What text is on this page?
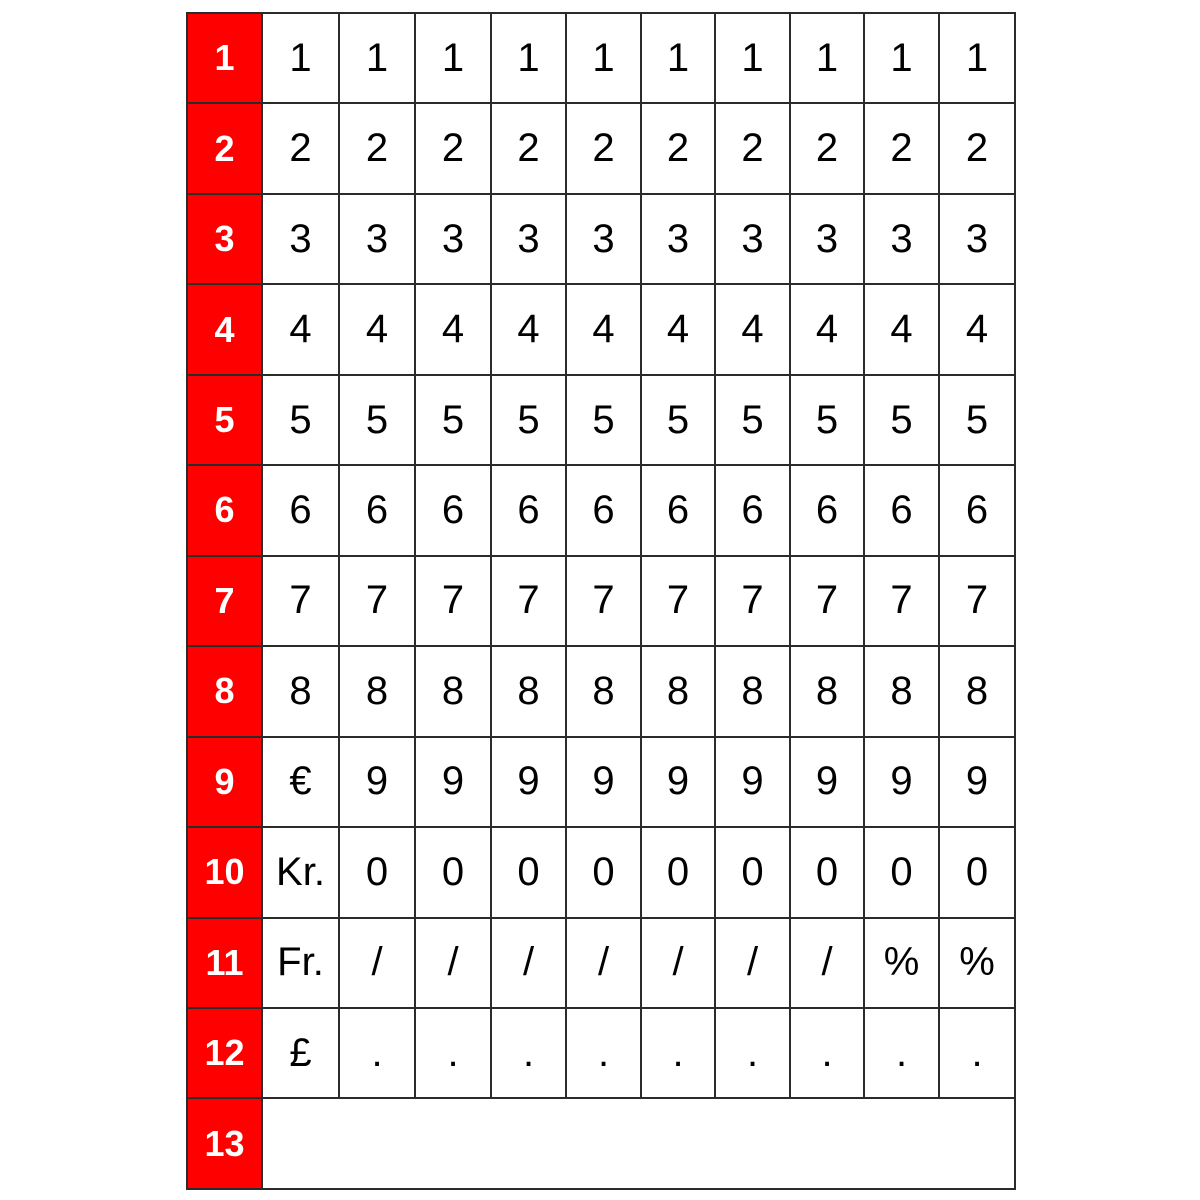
1	1	1	1	1	1	1	1	1	1	1
2	2	2	2	2	2	2	2	2	2	2
3	3	3	3	3	3	3	3	3	3	3
4	4	4	4	4	4	4	4	4	4	4
5	5	5	5	5	5	5	5	5	5	5
6	6	6	6	6	6	6	6	6	6	6
7	7	7	7	7	7	7	7	7	7	7
8	8	8	8	8	8	8	8	8	8	8
9	€	9	9	9	9	9	9	9	9	9
10	Kr.	0	0	0	0	0	0	0	0	0
11	Fr.	/	/	/	/	/	/	/	%	%
12	£	.	.	.	.	.	.	.	.	.
13										
